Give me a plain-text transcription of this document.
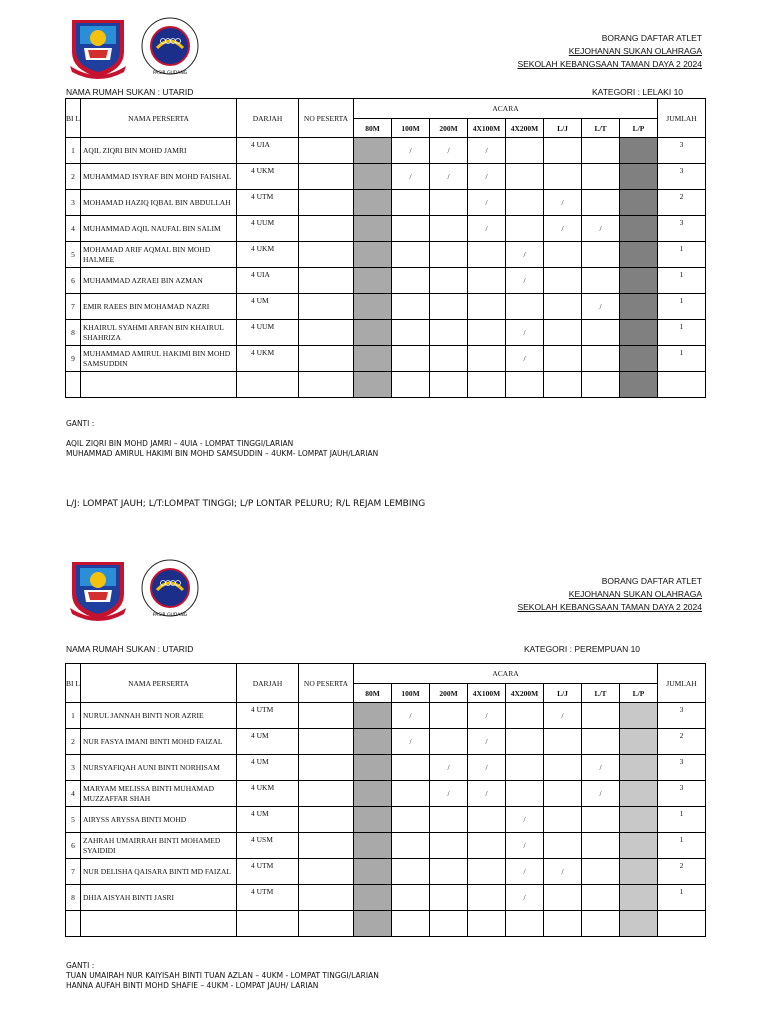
PASIR GUDANG
BORANG DAFTAR ATLET
KEJOHANAN SUKAN OLAHRAGA
SEKOLAH KEBANGSAAN TAMAN DAYA 2 2024
NAMA RUMAH SUKAN : UTARID	KATEGORI : LELAKI 10
BI L	NAMA PERSERTA	DARJAH	NO PESERTA	ACARA								JUMLAH
				80M	100M	200M	4X100M	4X200M	L/J	L/T	L/P	
1	AQIL ZIQRI BIN MOHD JAMRI	4 UIA			/	/	/					3
2	MUHAMMAD ISYRAF BIN MOHD FAISHAL	4 UKM			/	/	/					3
3	MOHAMAD HAZIQ IQBAL BIN ABDULLAH	4 UTM					/		/			2
4	MUHAMMAD AQIL NAUFAL BIN SALIM	4 UUM					/		/	/		3
5	MOHAMAD ARIF AQMAL BIN MOHD HALMEE	4 UKM						/				1
6	MUHAMMAD AZRAEI BIN AZMAN	4 UIA						/				1
7	EMIR RAEES BIN MOHAMAD NAZRI	4 UM								/		1
8	KHAIRUL SYAHMI ARFAN BIN KHAIRUL SHAHRIZA	4 UUM						/				1
9	MUHAMMAD AMIRUL HAKIMI BIN MOHD SAMSUDDIN	4 UKM						/				1

GANTI :
AQIL ZIQRI BIN MOHD JAMRI – 4UIA - LOMPAT TINGGI/LARIAN
MUHAMMAD AMIRUL HAKIMI BIN MOHD SAMSUDDIN – 4UKM- LOMPAT JAUH/LARIAN
L/J: LOMPAT JAUH; L/T:LOMPAT TINGGI; L/P LONTAR PELURU; R/L REJAM LEMBING
PASIR GUDANG
BORANG DAFTAR ATLET
KEJOHANAN SUKAN OLAHRAGA
SEKOLAH KEBANGSAAN TAMAN DAYA 2 2024
NAMA RUMAH SUKAN : UTARID	KATEGORI : PEREMPUAN 10
BI L	NAMA PERSERTA	DARJAH	NO PESERTA	ACARA								JUMLAH
				80M	100M	200M	4X100M	4X200M	L/J	L/T	L/P	
1	NURUL JANNAH BINTI NOR AZRIE	4 UTM			/		/		/			3
2	NUR FASYA IMANI BINTI MOHD FAIZAL	4 UM			/		/					2
3	NURSYAFIQAH AUNI BINTI NORHISAM	4 UM				/	/			/		3
4	MARYAM MELISSA BINTI MUHAMAD MUZZAFFAR SHAH	4 UKM				/	/			/		3
5	AIRYSS ARYSSA BINTI MOHD	4 UM						/				1
6	ZAHRAH UMAIRRAH BINTI MOHAMED SYAIDIDI	4 USM						/				1
7	NUR DELISHA QAISARA BINTI MD FAIZAL	4 UTM						/	/			2
8	DHIA AISYAH BINTI JASRI	4 UTM						/				1

GANTI :
TUAN UMAIRAH NUR KAIYISAH BINTI TUAN AZLAN – 4UKM - LOMPAT TINGGI/LARIAN
HANNA AUFAH BINTI MOHD SHAFIE – 4UKM - LOMPAT JAUH/ LARIAN
